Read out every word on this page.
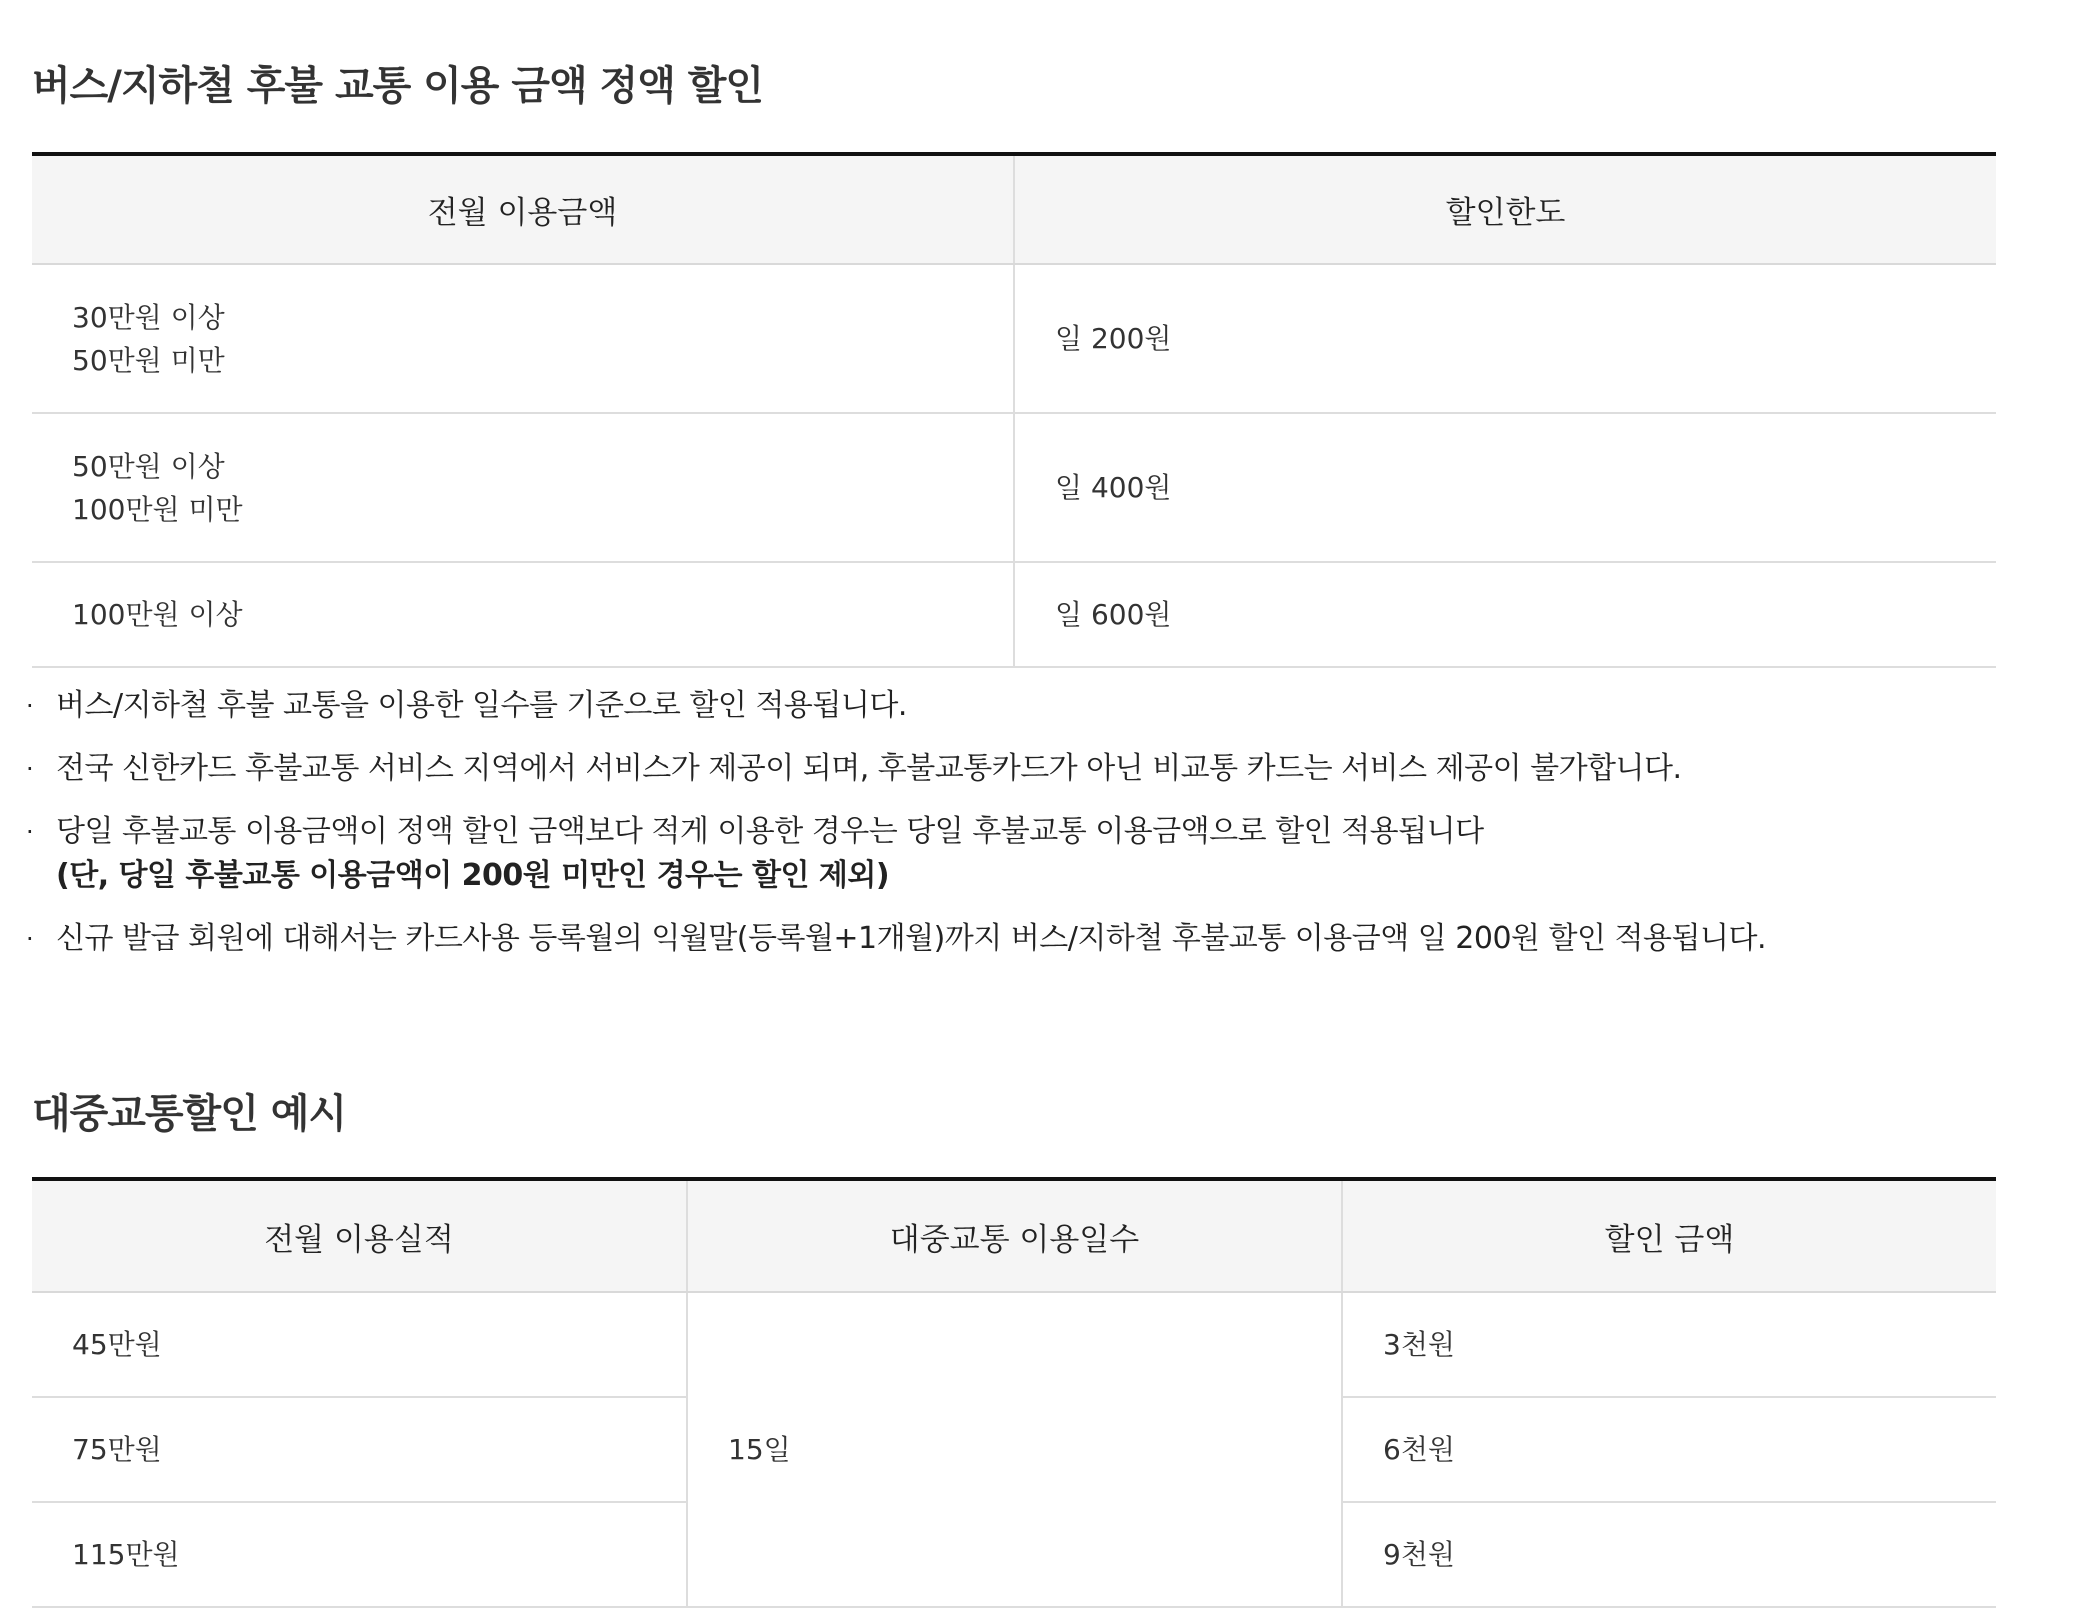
버스/지하철 후불 교통 이용 금액 정액 할인
전월 이용금액	할인한도

30만원 이상
50만원 미만	일 200원

50만원 이상
100만원 미만	일 400원
100만원 이상	일 600원
· 버스/지하철 후불 교통을 이용한 일수를 기준으로 할인 적용됩니다.
· 전국 신한카드 후불교통 서비스 지역에서 서비스가 제공이 되며, 후불교통카드가 아닌 비교통 카드는 서비스 제공이 불가합니다.
· 당일 후불교통 이용금액이 정액 할인 금액보다 적게 이용한 경우는 당일 후불교통 이용금액으로 할인 적용됩니다
(단, 당일 후불교통 이용금액이 200원 미만인 경우는 할인 제외)
· 신규 발급 회원에 대해서는 카드사용 등록월의 익월말(등록월+1개월)까지 버스/지하철 후불교통 이용금액 일 200원 할인 적용됩니다.
대중교통할인 예시
전월 이용실적	대중교통 이용일수	할인 금액
45만원	15일	3천원
75만원		6천원
115만원		9천원
